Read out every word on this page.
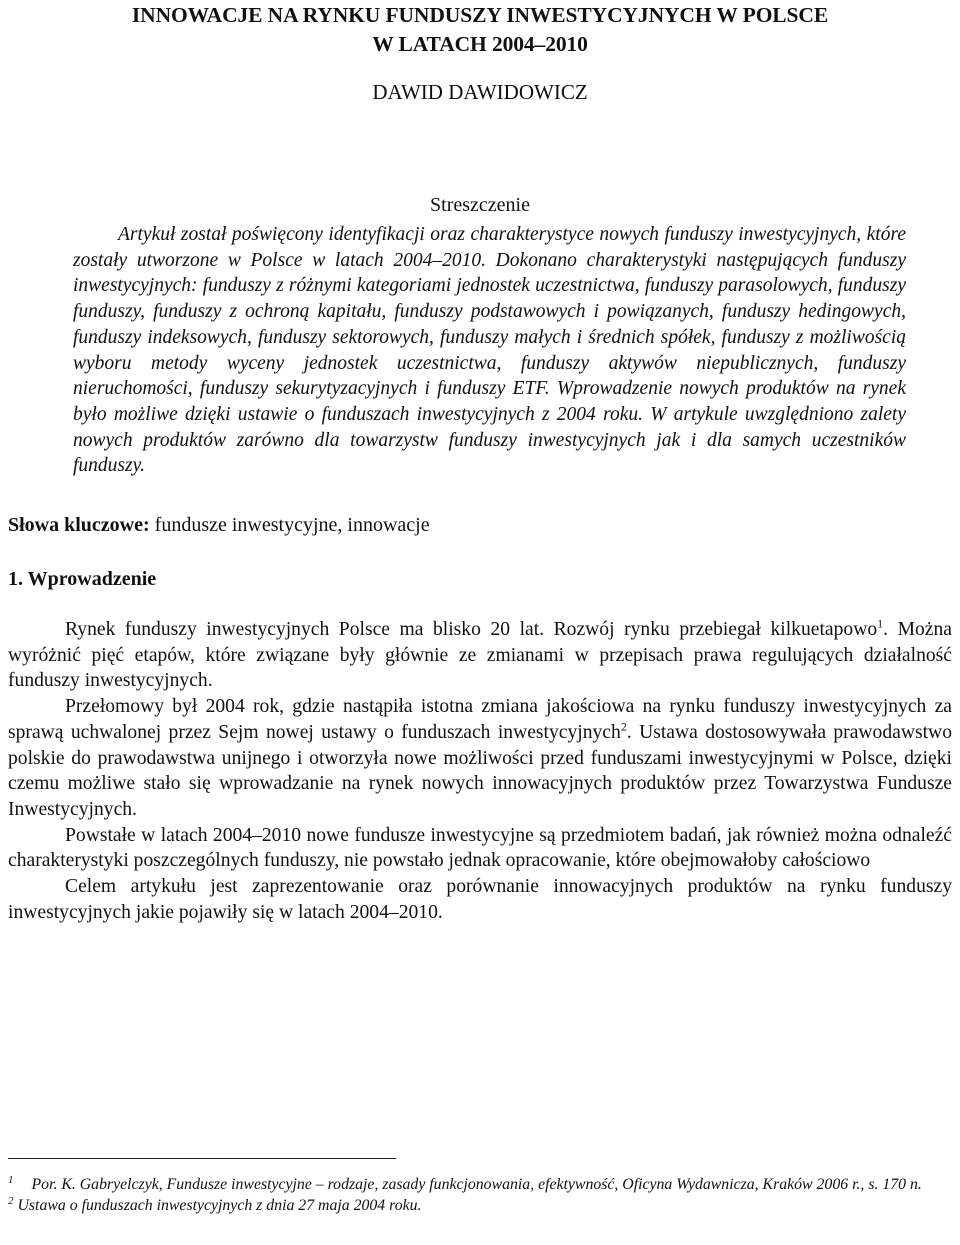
INNOWACJE NA RYNKU FUNDUSZY INWESTYCYJNYCH W POLSCE
W LATACH 2004–2010
DAWID DAWIDOWICZ
Streszczenie

Artykuł został poświęcony identyfikacji oraz charakterystyce nowych funduszy inwestycyjnych, które zostały utworzone w Polsce w latach 2004–2010. Dokonano charakterystyki następujących funduszy inwestycyjnych: funduszy z różnymi kategoriami jednostek uczestnictwa, funduszy parasolowych, funduszy funduszy, funduszy z ochroną kapitału, funduszy podstawowych i powiązanych, funduszy hedingowych, funduszy indeksowych, funduszy sektorowych, funduszy małych i średnich spółek, funduszy z możliwością wyboru metody wyceny jednostek uczestnictwa, funduszy aktywów niepublicznych, funduszy nieruchomości, funduszy sekurytyzacyjnych i funduszy ETF. Wprowadzenie nowych produktów na rynek było możliwe dzięki ustawie o funduszach inwestycyjnych z 2004 roku. W artykule uwzględniono zalety nowych produktów zarówno dla towarzystw funduszy inwestycyjnych jak i dla samych uczestników funduszy.

Słowa kluczowe: fundusze inwestycyjne, innowacje
1. Wprowadzenie

Rynek funduszy inwestycyjnych Polsce ma blisko 20 lat. Rozwój rynku przebiegał kilkuetapowo$^1$. Można wyróżnić pięć etapów, które związane były głównie ze zmianami w przepisach prawa regulujących działalność funduszy inwestycyjnych.

Przełomowy był 2004 rok, gdzie nastąpiła istotna zmiana jakościowa na rynku funduszy inwestycyjnych za sprawą uchwalonej przez Sejm nowej ustawy o funduszach inwestycyjnych$^2$. Ustawa dostosowywała prawodawstwo polskie do prawodawstwa unijnego i otworzyła nowe możliwości przed funduszami inwestycyjnymi w Polsce, dzięki czemu możliwe stało się wprowadzanie na rynek nowych innowacyjnych produktów przez Towarzystwa Fundusze Inwestycyjnych.

Powstałe w latach 2004–2010 nowe fundusze inwestycyjne są przedmiotem badań, jak również można odnaleźć charakterystyki poszczególnych funduszy, nie powstało jednak opracowanie, które obejmowałoby całościowo

Celem artykułu jest zaprezentowanie oraz porównanie innowacyjnych produktów na rynku funduszy inwestycyjnych jakie pojawiły się w latach 2004–2010.

$^1$ Por. K. Gabryelczyk, Fundusze inwestycyjne – rodzaje, zasady funkcjonowania, efektywność, Oficyna Wydawnicza, Kraków 2006 r., s. 170 n.
$^2$ Ustawa o funduszach inwestycyjnych z dnia 27 maja 2004 roku.
